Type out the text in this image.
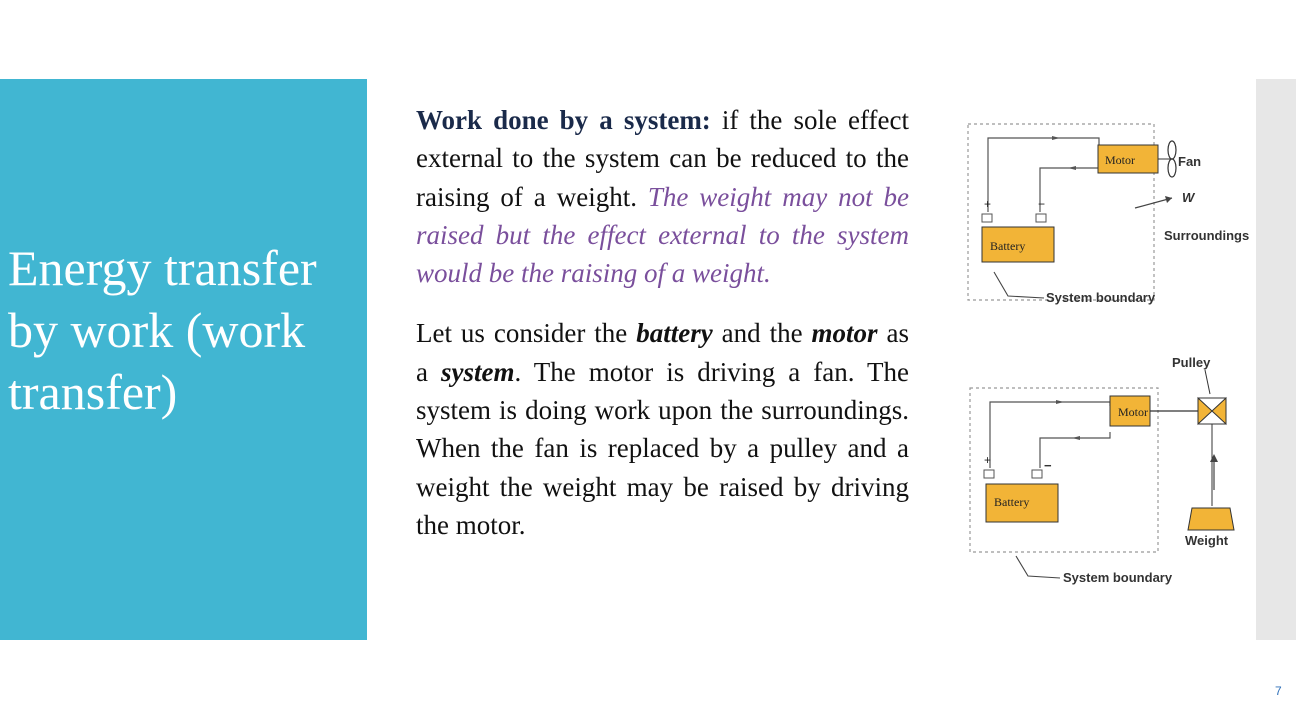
Energy transfer by work (work transfer)

Work done by a system: if the sole effect external to the system can be reduced to the raising of a weight. The weight may not be raised but the effect external to the system would be the raising of a weight.

Let us consider the battery and the motor as a system. The motor is driving a fan. The system is doing work upon the surroundings. When the fan is replaced by a pulley and a weight the weight may be raised by driving the motor.

+	−
Battery
Motor	Fan
W
Surroundings
System boundary
+	−
Battery
Motor
Pulley
Weight
System boundary
7
